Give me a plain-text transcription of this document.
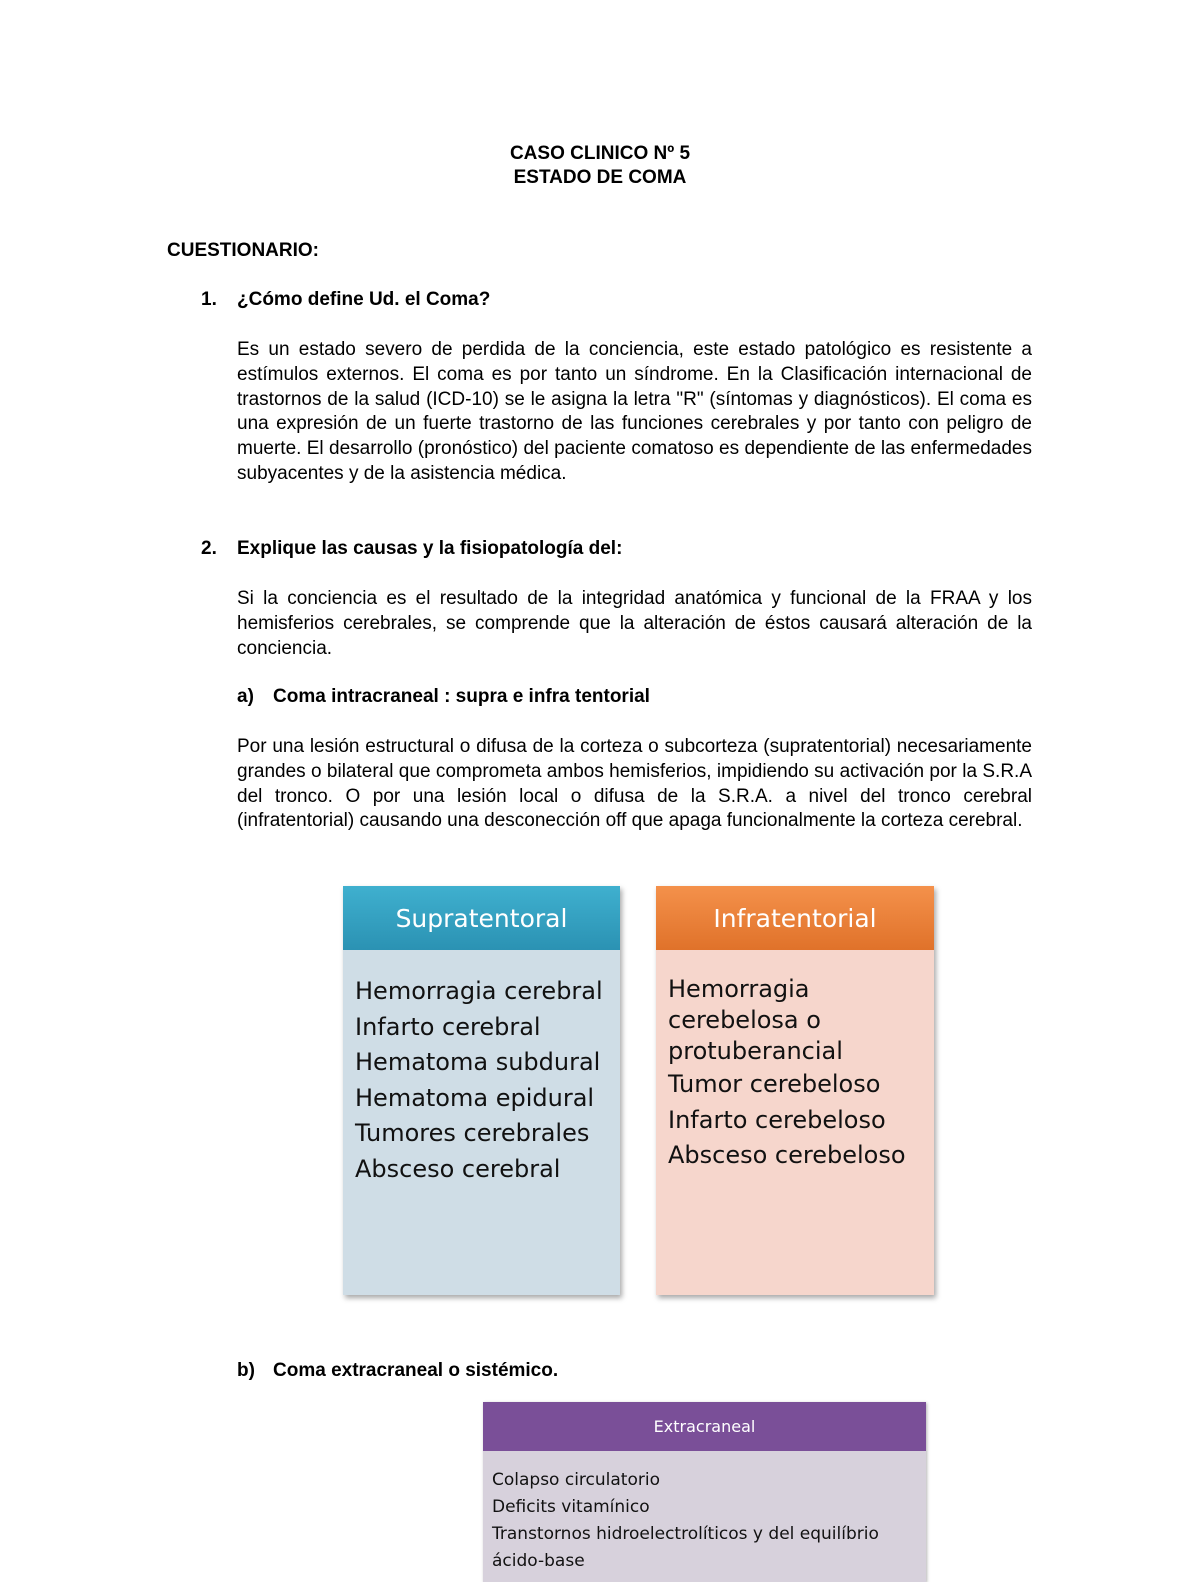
CASO CLINICO Nº 5
ESTADO DE COMA
CUESTIONARIO:
1. ¿Cómo define Ud. el Coma?

Es un estado severo de perdida de la conciencia, este estado patológico es resistente a estímulos externos. El coma es por tanto un síndrome. En la Clasificación internacional de trastornos de la salud (ICD-10) se le asigna la letra "R" (síntomas y diagnósticos). El coma es una expresión de un fuerte trastorno de las funciones cerebrales y por tanto con peligro de muerte. El desarrollo (pronóstico) del paciente comatoso es dependiente de las enfermedades subyacentes y de la asistencia médica.

2. Explique las causas y la fisiopatología del:

Si la conciencia es el resultado de la integridad anatómica y funcional de la FRAA y los hemisferios cerebrales, se comprende que la alteración de éstos causará alteración de la conciencia.

a) Coma intracraneal : supra e infra tentorial

Por una lesión estructural o difusa de la corteza o subcorteza (supratentorial) necesariamente grandes o bilateral que comprometa ambos hemisferios, impidiendo su activación por la S.R.A del tronco. O por una lesión local o difusa de la S.R.A. a nivel del tronco cerebral (infratentorial) causando una desconección off que apaga funcionalmente la corteza cerebral.

Supratentoral
Hemorragia cerebral
Infarto cerebral
Hematoma subdural
Hematoma epidural
Tumores cerebrales
Absceso cerebral
Infratentorial
Hemorragia cerebelosa o protuberancial
Tumor cerebeloso
Infarto cerebeloso
Absceso cerebeloso
b) Coma extracraneal o sistémico.
Extracraneal
Colapso circulatorio
Deficits vitamínico
Transtornos hidroelectrolíticos y del equilíbrio ácido-base
